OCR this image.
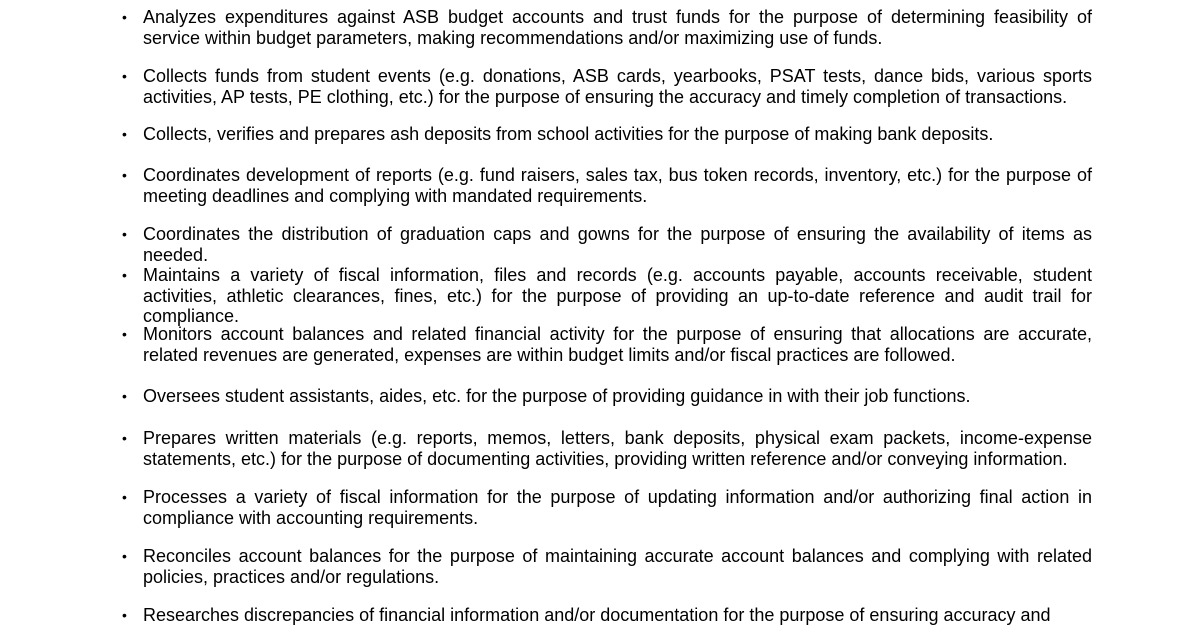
• Analyzes expenditures against ASB budget accounts and trust funds for the purpose of determining feasibility of service within budget parameters, making recommendations and/or maximizing use of funds.
• Collects funds from student events (e.g. donations, ASB cards, yearbooks, PSAT tests, dance bids, various sports activities, AP tests, PE clothing, etc.) for the purpose of ensuring the accuracy and timely completion of transactions.
• Collects, verifies and prepares ash deposits from school activities for the purpose of making bank deposits.
• Coordinates development of reports (e.g. fund raisers, sales tax, bus token records, inventory, etc.) for the purpose of meeting deadlines and complying with mandated requirements.
• Coordinates the distribution of graduation caps and gowns for the purpose of ensuring the availability of items as needed.
• Maintains a variety of fiscal information, files and records (e.g. accounts payable, accounts receivable, student activities, athletic clearances, fines, etc.) for the purpose of providing an up-to-date reference and audit trail for compliance.
• Monitors account balances and related financial activity for the purpose of ensuring that allocations are accurate, related revenues are generated, expenses are within budget limits and/or fiscal practices are followed.
• Oversees student assistants, aides, etc. for the purpose of providing guidance in with their job functions.
• Prepares written materials (e.g. reports, memos, letters, bank deposits, physical exam packets, income-expense statements, etc.) for the purpose of documenting activities, providing written reference and/or conveying information.
• Processes a variety of fiscal information for the purpose of updating information and/or authorizing final action in compliance with accounting requirements.
• Reconciles account balances for the purpose of maintaining accurate account balances and complying with related policies, practices and/or regulations.
• Researches discrepancies of financial information and/or documentation for the purpose of ensuring accuracy and
